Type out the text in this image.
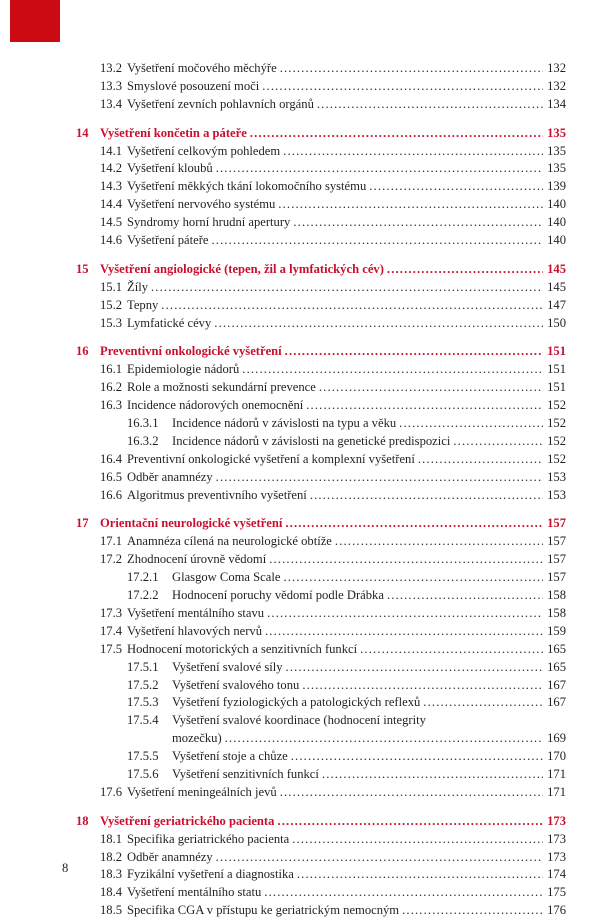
13.2 Vyšetření močového měchýře . . .	132
13.3 Smyslové posouzení moči . . .	132
13.4 Vyšetření zevních pohlavních orgánů . . .	134
14 Vyšetření končetin a páteře . . .	135
14.1 Vyšetření celkovým pohledem . . .	135
14.2 Vyšetření kloubů . . .	135
14.3 Vyšetření měkkých tkání lokomočního systému . . .	139
14.4 Vyšetření nervového systému . . .	140
14.5 Syndromy horní hrudní apertury . . .	140
14.6 Vyšetření páteře . . .	140
15 Vyšetření angiologické (tepen, žil a lymfatických cév) . . .	145
15.1 Žíly . . .	145
15.2 Tepny . . .	147
15.3 Lymfatické cévy . . .	150
16 Preventivní onkologické vyšetření . . .	151
16.1 Epidemiologie nádorů . . .	151
16.2 Role a možnosti sekundární prevence . . .	151
16.3 Incidence nádorových onemocnění . . .	152
16.3.1	Incidence nádorů v závislosti na typu a věku . . .	152
16.3.2	Incidence nádorů v závislosti na genetické predispozici . . .	152
16.4 Preventivní onkologické vyšetření a komplexní vyšetření . . .	152
16.5 Odběr anamnézy . . .	153
16.6 Algoritmus preventivního vyšetření . . .	153
17 Orientační neurologické vyšetření . . .	157
17.1 Anamnéza cílená na neurologické obtíže . . .	157
17.2 Zhodnocení úrovně vědomí . . .	157
17.2.1	Glasgow Coma Scale . . .	157
17.2.2	Hodnocení poruchy vědomí podle Drábka . . .	158
17.3 Vyšetření mentálního stavu . . .	158
17.4 Vyšetření hlavových nervů . . .	159
17.5 Hodnocení motorických a senzitivních funkcí . . .	165
17.5.1	Vyšetření svalové síly . . .	165
17.5.2	Vyšetření svalového tonu . . .	167
17.5.3	Vyšetření fyziologických a patologických reflexů . . .	167
17.5.4	Vyšetření svalové koordinace (hodnocení integrity
mozečku) . . .	169
17.5.5	Vyšetření stoje a chůze . . .	170
17.5.6	Vyšetření senzitivních funkcí . . .	171
17.6 Vyšetření meningeálních jevů . . .	171
18 Vyšetření geriatrického pacienta . . .	173
18.1 Specifika geriatrického pacienta . . .	173
18.2 Odběr anamnézy . . .	173
18.3 Fyzikální vyšetření a diagnostika . . .	174
18.4 Vyšetření mentálního statu . . .	175
18.5 Specifika CGA v přístupu ke geriatrickým nemocným . . .	176
8
